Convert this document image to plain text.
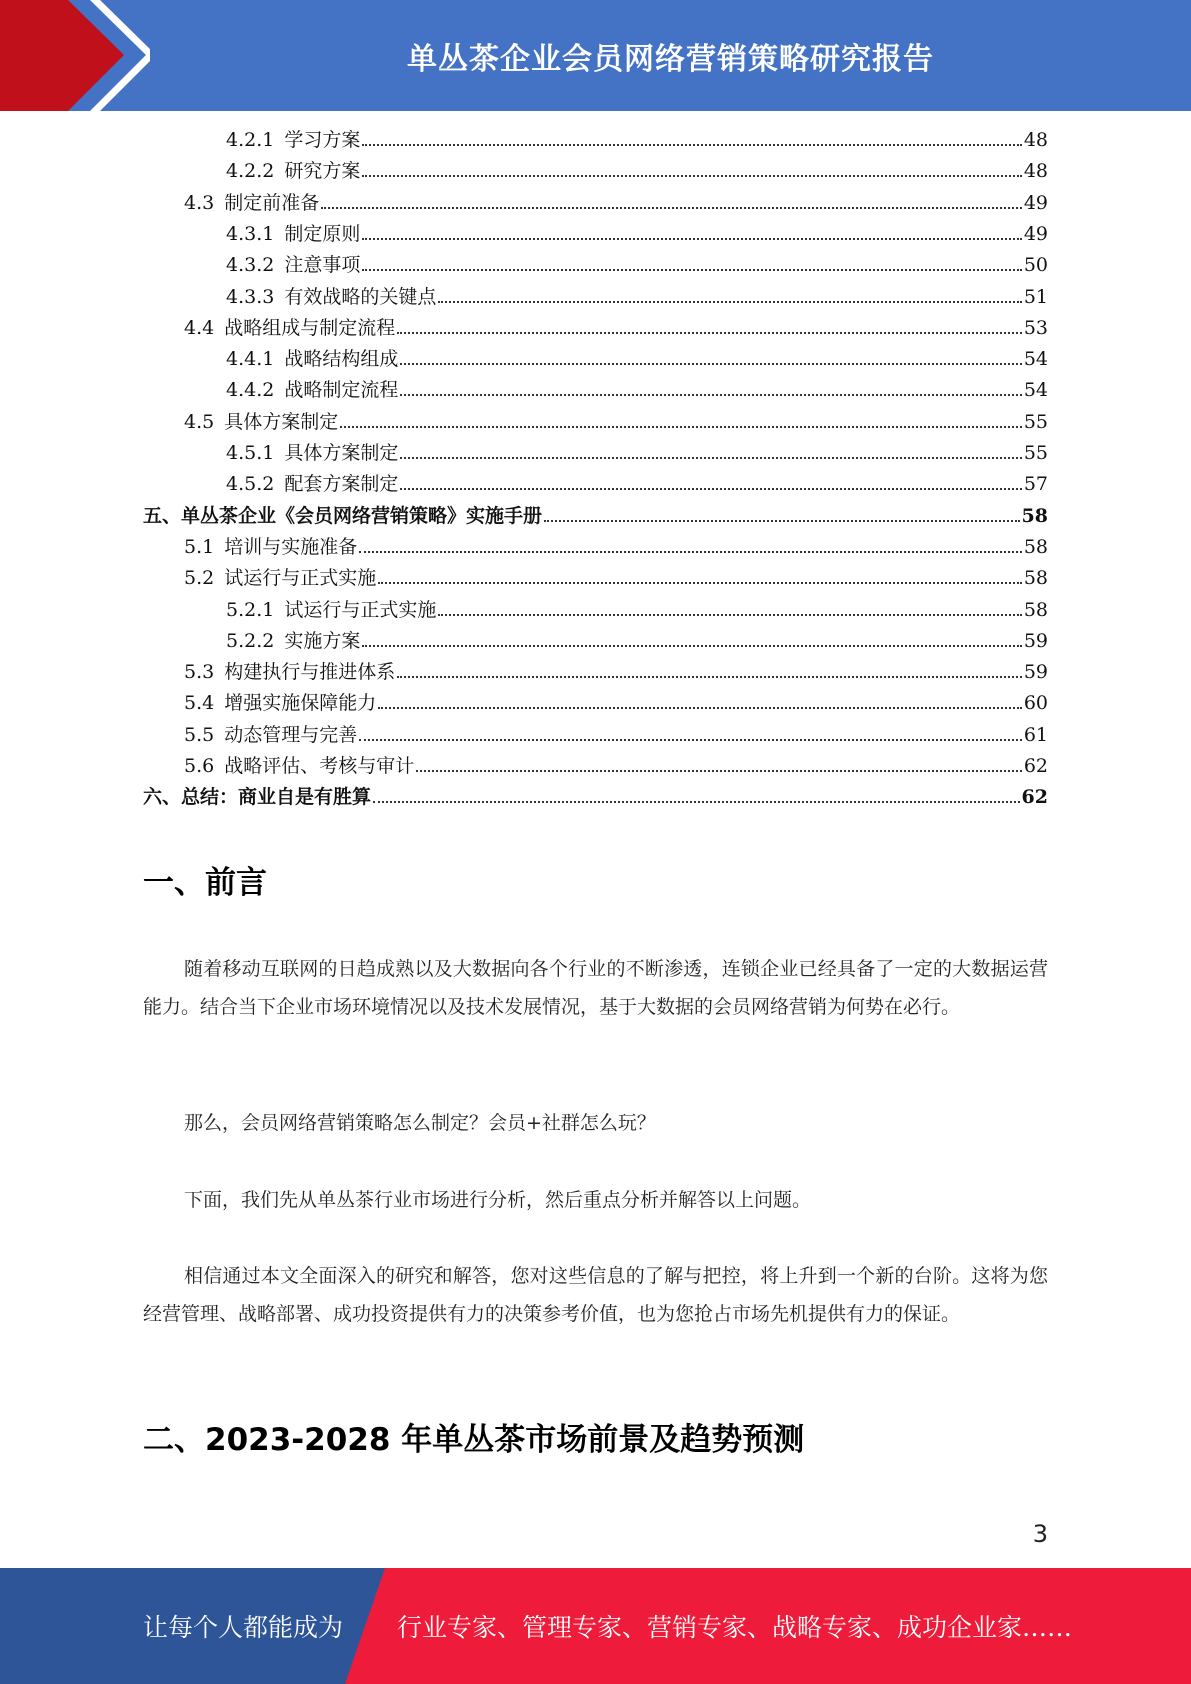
单丛茶企业会员网络营销策略研究报告
4.2.1 学习方案	48
4.2.2 研究方案	48
4.3 制定前准备	49
4.3.1 制定原则	49
4.3.2 注意事项	50
4.3.3 有效战略的关键点	51
4.4 战略组成与制定流程	53
4.4.1 战略结构组成	54
4.4.2 战略制定流程	54
4.5 具体方案制定	55
4.5.1 具体方案制定	55
4.5.2 配套方案制定	57
五、 单丛茶企业《会员网络营销策略》实施手册	58
5.1 培训与实施准备	58
5.2 试运行与正式实施	58
5.2.1 试运行与正式实施	58
5.2.2 实施方案	59
5.3 构建执行与推进体系	59
5.4 增强实施保障能力	60
5.5 动态管理与完善	61
5.6 战略评估、考核与审计	62
六、 总结：商业自是有胜算	62
一、前言
随着移动互联网的日趋成熟以及大数据向各个行业的不断渗透，连锁企业已经具备了一定的大数据运营能力。结合当下企业市场环境情况以及技术发展情况，基于大数据的会员网络营销为何势在必行。
那么，会员网络营销策略怎么制定？会员+社群怎么玩？
下面，我们先从单丛茶行业市场进行分析，然后重点分析并解答以上问题。
相信通过本文全面深入的研究和解答，您对这些信息的了解与把控，将上升到一个新的台阶。这将为您经营管理、战略部署、成功投资提供有力的决策参考价值，也为您抢占市场先机提供有力的保证。
二、2023-2028 年单丛茶市场前景及趋势预测
3
让每个人都能成为 行业专家、管理专家、营销专家、战略专家、成功企业家……
